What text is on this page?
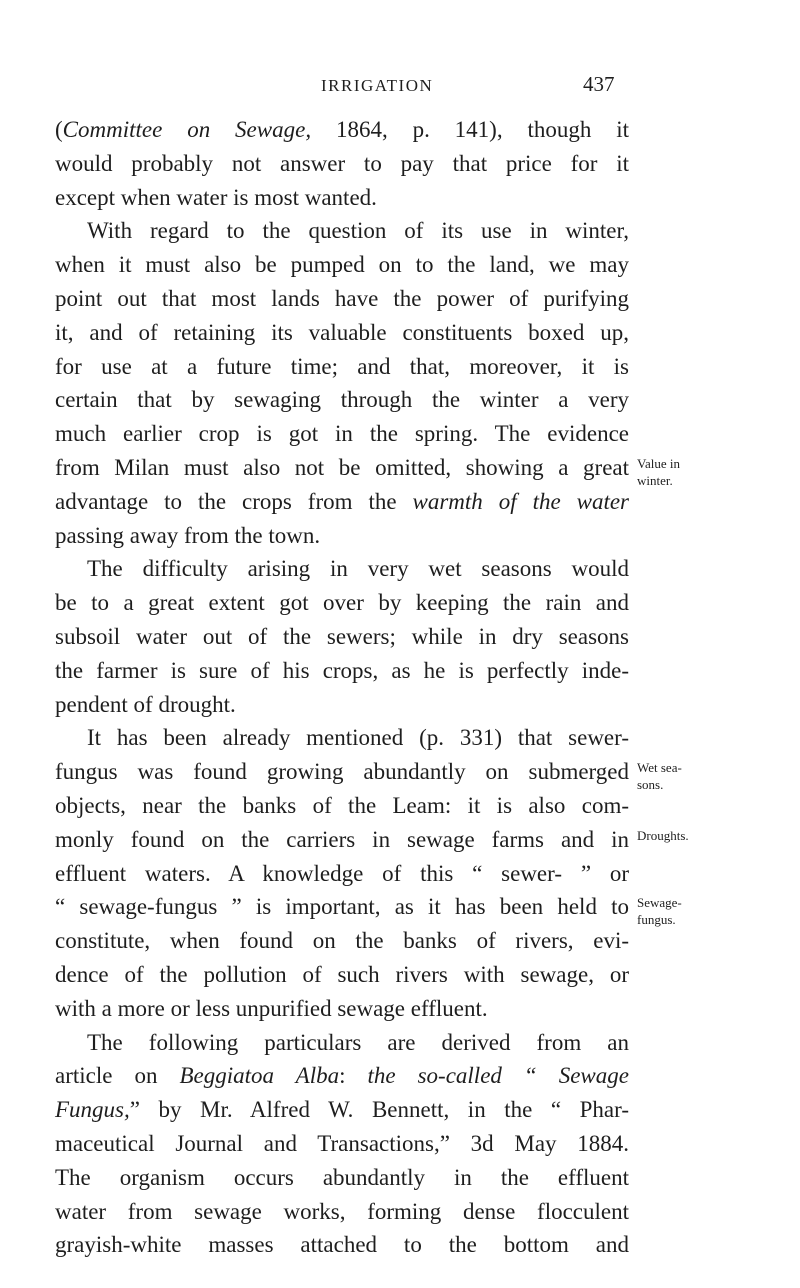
IRRIGATION	437
(Committee on Sewage, 1864, p. 141), though it
would probably not answer to pay that price for it
except when water is most wanted.
With regard to the question of its use in winter,
when it must also be pumped on to the land, we may
point out that most lands have the power of purifying
it, and of retaining its valuable constituents boxed up,
for use at a future time; and that, moreover, it is
certain that by sewaging through the winter a very
much earlier crop is got in the spring. The evidence
from Milan must also not be omitted, showing a great
advantage to the crops from the warmth of the water
passing away from the town.
The difficulty arising in very wet seasons would
be to a great extent got over by keeping the rain and
subsoil water out of the sewers; while in dry seasons
the farmer is sure of his crops, as he is perfectly inde-
pendent of drought.
It has been already mentioned (p. 331) that sewer-
fungus was found growing abundantly on submerged
objects, near the banks of the Leam: it is also com-
monly found on the carriers in sewage farms and in
effluent waters. A knowledge of this “ sewer- ” or
“ sewage-fungus ” is important, as it has been held to
constitute, when found on the banks of rivers, evi-
dence of the pollution of such rivers with sewage, or
with a more or less unpurified sewage effluent.
The following particulars are derived from an
article on Beggiatoa Alba: the so-called “ Sewage
Fungus,” by Mr. Alfred W. Bennett, in the “ Phar-
maceutical Journal and Transactions,” 3d May 1884.
The organism occurs abundantly in the effluent
water from sewage works, forming dense flocculent
grayish-white masses attached to the bottom and
Value in
winter.
Wet sea-
sons.
Droughts.
Sewage-
fungus.
